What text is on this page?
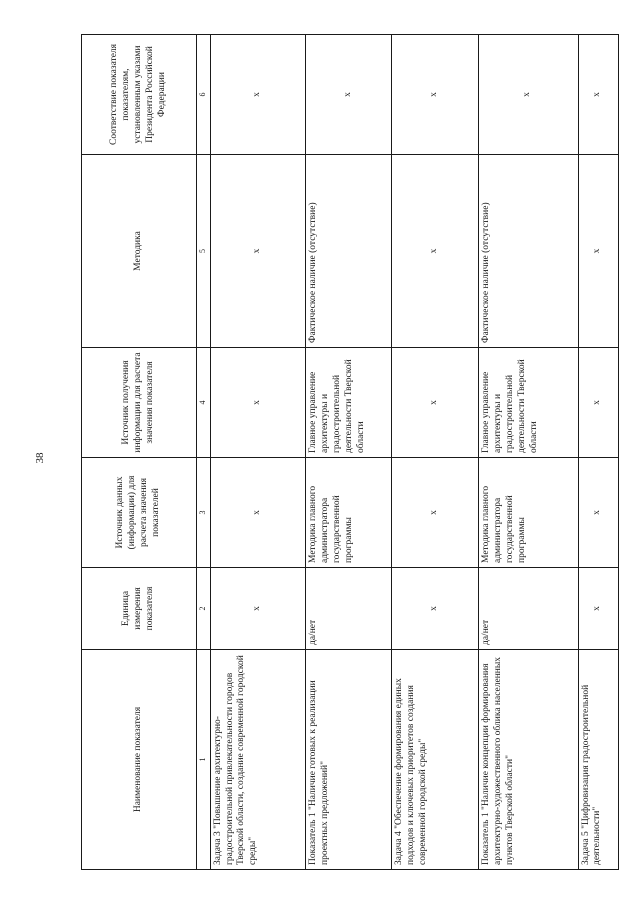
38
Наименование показателя	Единица измерения показателя	Источник данных (информации) для расчета значения показателей	Источник получения информации для расчета значения показателя	Методика	Соответствие показателя показателям, установленным указами Президента Российской Федерации
1	2	3	4	5	6
Задача 3 "Повышение архитектурно-градостроительной привлекательности городов Тверской области, создание современной городской среды"	х	х	х	х	х
Показатель 1 "Наличие готовых к реализации проектных предложений"	да/нет	Методика главного администратора государственной программы	Главное управление архитектуры и градостроительной деятельности Тверской области	Фактическое наличие (отсутствие)	х
Задача 4 "Обеспечение формирования единых подходов и ключевых приоритетов создания современной городской среды"	х	х	х	х	х
Показатель 1 "Наличие концепции формирования архитектурно-художественного облика населенных пунктов Тверской области"	да/нет	Методика главного администратора государственной программы	Главное управление архитектуры и градостроительной деятельности Тверской области	Фактическое наличие (отсутствие)	х
Задача 5 "Цифровизация градостроительной деятельности"	х	х	х	х	х
